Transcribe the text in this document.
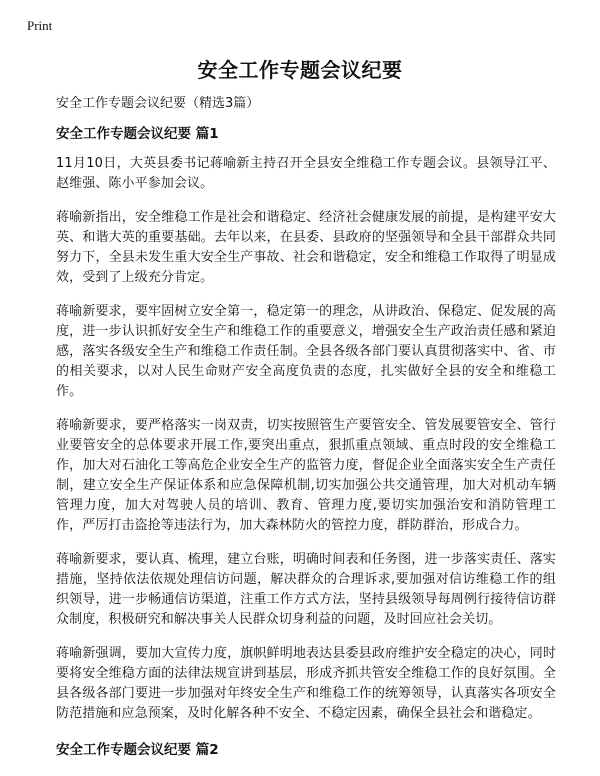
Print
安全工作专题会议纪要

安全工作专题会议纪要（精选3篇）

安全工作专题会议纪要 篇1

11月10日，大英县委书记蒋喻新主持召开全县安全维稳工作专题会议。县领导江平、赵维强、陈小平参加会议。

蒋喻新指出，安全维稳工作是社会和谐稳定、经济社会健康发展的前提，是构建平安大英、和谐大英的重要基础。去年以来，在县委、县政府的坚强领导和全县干部群众共同努力下，全县未发生重大安全生产事故、社会和谐稳定，安全和维稳工作取得了明显成效，受到了上级充分肯定。

蒋喻新要求，要牢固树立安全第一，稳定第一的理念，从讲政治、保稳定、促发展的高度，进一步认识抓好安全生产和维稳工作的重要意义，增强安全生产政治责任感和紧迫感，落实各级安全生产和维稳工作责任制。全县各级各部门要认真贯彻落实中、省、市的相关要求，以对人民生命财产安全高度负责的态度，扎实做好全县的安全和维稳工作。

蒋喻新要求，要严格落实一岗双责，切实按照管生产要管安全、管发展要管安全、管行业要管安全的总体要求开展工作,要突出重点，狠抓重点领域、重点时段的安全维稳工作，加大对石油化工等高危企业安全生产的监管力度，督促企业全面落实安全生产责任制，建立安全生产保证体系和应急保障机制,切实加强公共交通管理，加大对机动车辆管理力度，加大对驾驶人员的培训、教育、管理力度,要切实加强治安和消防管理工作，严厉打击盗抢等违法行为，加大森林防火的管控力度，群防群治，形成合力。

蒋喻新要求，要认真、梳理，建立台账，明确时间表和任务图，进一步落实责任、落实措施，坚持依法依规处理信访问题，解决群众的合理诉求,要加强对信访维稳工作的组织领导，进一步畅通信访渠道，注重工作方式方法，坚持县级领导每周例行接待信访群众制度，积极研究和解决事关人民群众切身利益的问题，及时回应社会关切。

蒋喻新强调，要加大宣传力度，旗帜鲜明地表达县委县政府维护安全稳定的决心，同时要将安全维稳方面的法律法规宣讲到基层，形成齐抓共管安全维稳工作的良好氛围。全县各级各部门要进一步加强对年终安全生产和维稳工作的统筹领导，认真落实各项安全防范措施和应急预案，及时化解各种不安全、不稳定因素，确保全县社会和谐稳定。

安全工作专题会议纪要 篇2
